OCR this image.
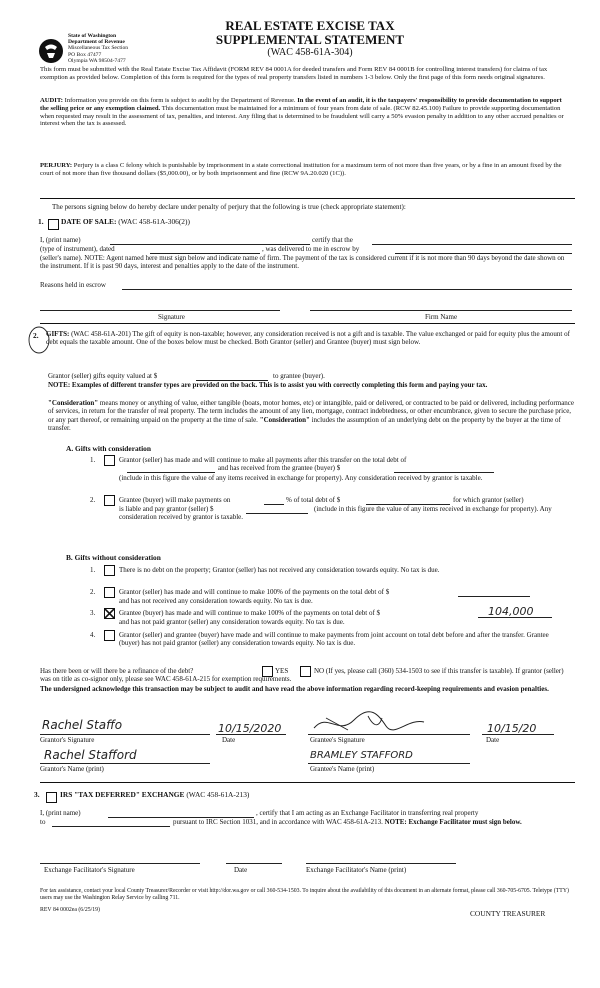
State of Washington
Department of Revenue
Miscellaneous Tax Section
PO Box 47477
Olympia WA 98504-7477
REAL ESTATE EXCISE TAX
SUPPLEMENTAL STATEMENT
(WAC 458-61A-304)

This form must be submitted with the Real Estate Excise Tax Affidavit (FORM REV 84 0001A for deeded transfers and Form REV 84 0001B for controlling interest transfers) for claims of tax exemption as provided below. Completion of this form is required for the types of real property transfers listed in numbers 1-3 below. Only the first page of this form needs original signatures.

AUDIT: Information you provide on this form is subject to audit by the Department of Revenue. In the event of an audit, it is the taxpayers' responsibility to provide documentation to support the selling price or any exemption claimed. This documentation must be maintained for a minimum of four years from date of sale. (RCW 82.45.100) Failure to provide supporting documentation when requested may result in the assessment of tax, penalties, and interest. Any filing that is determined to be fraudulent will carry a 50% evasion penalty in addition to any other accrued penalties or interest when the tax is assessed.

PERJURY: Perjury is a class C felony which is punishable by imprisonment in a state correctional institution for a maximum term of not more than five years, or by a fine in an amount fixed by the court of not more than five thousand dollars ($5,000.00), or by both imprisonment and fine (RCW 9A.20.020 (1C)).

The persons signing below do hereby declare under penalty of perjury that the following is true (check appropriate statement):

1. DATE OF SALE: (WAC 458-61A-306(2))
I, (print name)	certify that the
(type of instrument), dated	, was delivered to me in escrow by

(seller's name). NOTE: Agent named here must sign below and indicate name of firm. The payment of the tax is considered current if it is not more than 90 days beyond the date shown on the instrument. If it is past 90 days, interest and penalties apply to the date of the instrument.

Reasons held in escrow
Signature	Firm Name
2. GIFTS: (WAC 458-61A-201) The gift of equity is non-taxable; however, any consideration received is not a gift and is taxable. The value exchanged or paid for equity plus the amount of debt equals the taxable amount. One of the boxes below must be checked. Both Grantor (seller) and Grantee (buyer) must sign below.

Grantor (seller) gifts equity valued at $	to grantee (buyer).

NOTE: Examples of different transfer types are provided on the back. This is to assist you with correctly completing this form and paying your tax.

"Consideration" means money or anything of value, either tangible (boats, motor homes, etc) or intangible, paid or delivered, or contracted to be paid or delivered, including performance of services, in return for the transfer of real property. The term includes the amount of any lien, mortgage, contract indebtedness, or other encumbrance, given to secure the purchase price, or any part thereof, or remaining unpaid on the property at the time of sale. "Consideration" includes the assumption of an underlying debt on the property by the buyer at the time of transfer.

A. Gifts with consideration
1.	Grantor (seller) has made and will continue to make all payments after this transfer on the total debt of

and has received from the grantee (buyer) $

(include in this figure the value of any items received in exchange for property). Any consideration received by grantor is taxable.

2.	Grantee (buyer) will make payments on	% of total debt of $	for which grantor (seller)
is liable and pay grantor (seller) $	(include in this figure the value of any items received in exchange for property). Any consideration received by grantor is taxable.

B. Gifts without consideration
1.	There is no debt on the property; Grantor (seller) has not received any consideration towards equity. No tax is due.

2.	Grantor (seller) has made and will continue to make 100% of the payments on the total debt of $
and has not received any consideration towards equity. No tax is due.
3.	Grantee (buyer) has made and will continue to make 100% of the payments on total debt of $	104,000
and has not paid grantor (seller) any consideration towards equity. No tax is due.
4.	Grantor (seller) and grantee (buyer) have made and will continue to make payments from joint account on total debt before and after the transfer. Grantee (buyer) has not paid grantor (seller) any consideration towards equity. No tax is due.

Has there been or will there be a refinance of the debt?	YES	NO (If yes, please call (360) 534-1503 to see if this transfer is taxable). If grantor (seller) was on title as co-signor only, please see WAC 458-61A-215 for exemption requirements.

The undersigned acknowledge this transaction may be subject to audit and have read the above information regarding record-keeping requirements and evasion penalties.

Rachel Staffo	10/15/2020	10/15/20
Grantor's Signature	Date	Grantee's Signature	Date
Rachel Stafford	BRAMLEY STAFFORD
Grantor's Name (print)	Grantee's Name (print)
3.	IRS "TAX DEFERRED" EXCHANGE (WAC 458-61A-213)
I, (print name)	, certify that I am acting as an Exchange Facilitator in transferring real property
to	pursuant to IRC Section 1031, and in accordance with WAC 458-61A-213. NOTE: Exchange Facilitator must sign below.

Exchange Facilitator's Signature	Date	Exchange Facilitator's Name (print)

For tax assistance, contact your local County Treasurer/Recorder or visit http://dor.wa.gov or call 360-534-1503. To inquire about the availability of this document in an alternate format, please call 360-705-6705. Teletype (TTY) users may use the Washington Relay Service by calling 711.

REV 84 0002ea (6/25/19)	COUNTY TREASURER
